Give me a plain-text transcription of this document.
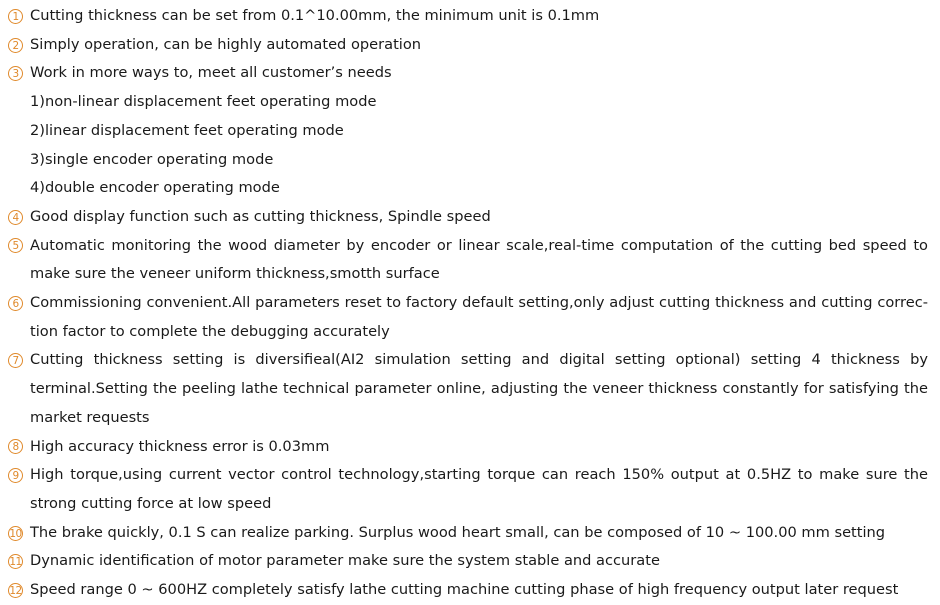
1 Cutting thickness can be set from 0.1^10.00mm, the minimum unit is 0.1mm
2 Simply operation, can be highly automated operation
3 Work in more ways to, meet all customer’s needs
1)non-linear displacement feet operating mode
2)linear displacement feet operating mode
3)single encoder operating mode
4)double encoder operating mode
4 Good display function such as cutting thickness, Spindle speed
5 Automatic monitoring the wood diameter by encoder or linear scale,real-time computation of the cutting bed speed to make sure the veneer uniform thickness,smotth surface
6 Commissioning convenient.All parameters reset to factory default setting,only adjust cutting thickness and cutting correc-tion factor to complete the debugging accurately
7 Cutting thickness setting is diversifieal(AI2 simulation setting and digital setting optional) setting 4 thickness by terminal.Setting the peeling lathe technical parameter online, adjusting the veneer thickness constantly for satisfying the market requests
8 High accuracy thickness error is 0.03mm
9 High torque,using current vector control technology,starting torque can reach 150% output at 0.5HZ to make sure the strong cutting force at low speed
10 The brake quickly, 0.1 S can realize parking. Surplus wood heart small, can be composed of 10 ~ 100.00 mm setting
11 Dynamic identification of motor parameter make sure the system stable and accurate
12 Speed range 0 ~ 600HZ completely satisfy lathe cutting machine cutting phase of high frequency output later request
